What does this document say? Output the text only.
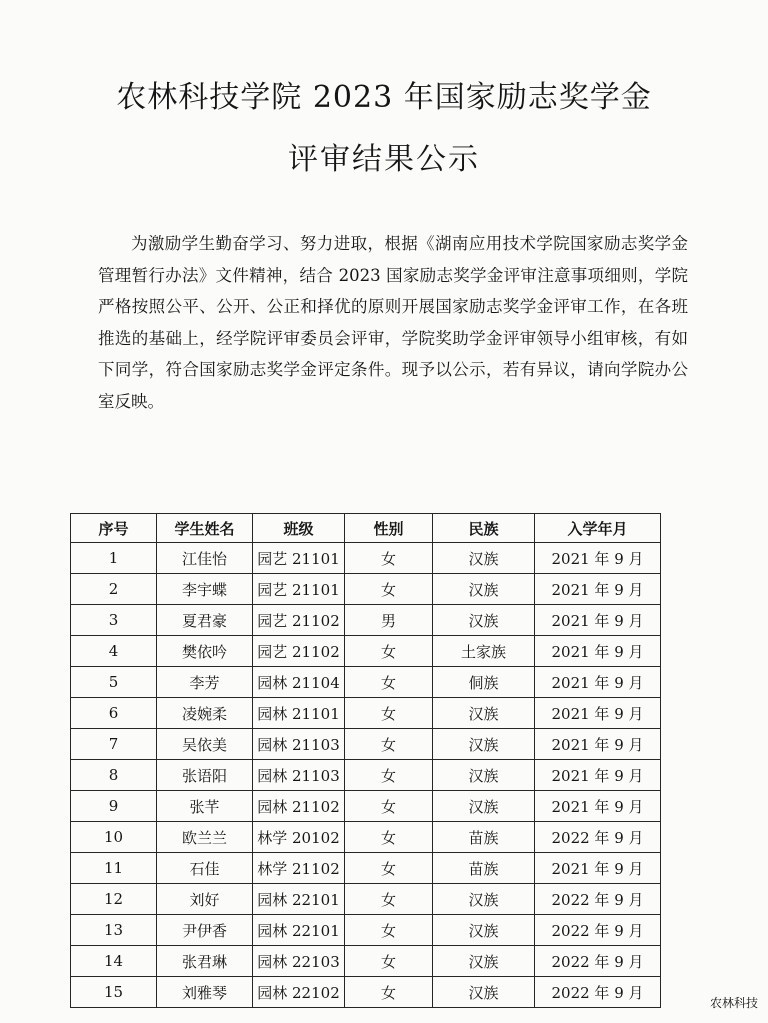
农林科技学院 2023 年国家励志奖学金
评审结果公示

为激励学生勤奋学习、努力进取，根据《湖南应用技术学院国家励志奖学金管理暂行办法》文件精神，结合 2023 国家励志奖学金评审注意事项细则，学院严格按照公平、公开、公正和择优的原则开展国家励志奖学金评审工作，在各班推选的基础上，经学院评审委员会评审，学院奖助学金评审领导小组审核，有如下同学，符合国家励志奖学金评定条件。现予以公示，若有异议，请向学院办公室反映。

序号	学生姓名	班级	性别	民族	入学年月
1	江佳怡	园艺 21101	女	汉族	2021 年 9 月
2	李宇蝶	园艺 21101	女	汉族	2021 年 9 月
3	夏君豪	园艺 21102	男	汉族	2021 年 9 月
4	樊依吟	园艺 21102	女	土家族	2021 年 9 月
5	李芳	园林 21104	女	侗族	2021 年 9 月
6	凌婉柔	园林 21101	女	汉族	2021 年 9 月
7	吴依美	园林 21103	女	汉族	2021 年 9 月
8	张语阳	园林 21103	女	汉族	2021 年 9 月
9	张芊	园林 21102	女	汉族	2021 年 9 月
10	欧兰兰	林学 20102	女	苗族	2022 年 9 月
11	石佳	林学 21102	女	苗族	2021 年 9 月
12	刘好	园林 22101	女	汉族	2022 年 9 月
13	尹伊香	园林 22101	女	汉族	2022 年 9 月
14	张君琳	园林 22103	女	汉族	2022 年 9 月
15	刘雅琴	园林 22102	女	汉族	2022 年 9 月
农林科技
